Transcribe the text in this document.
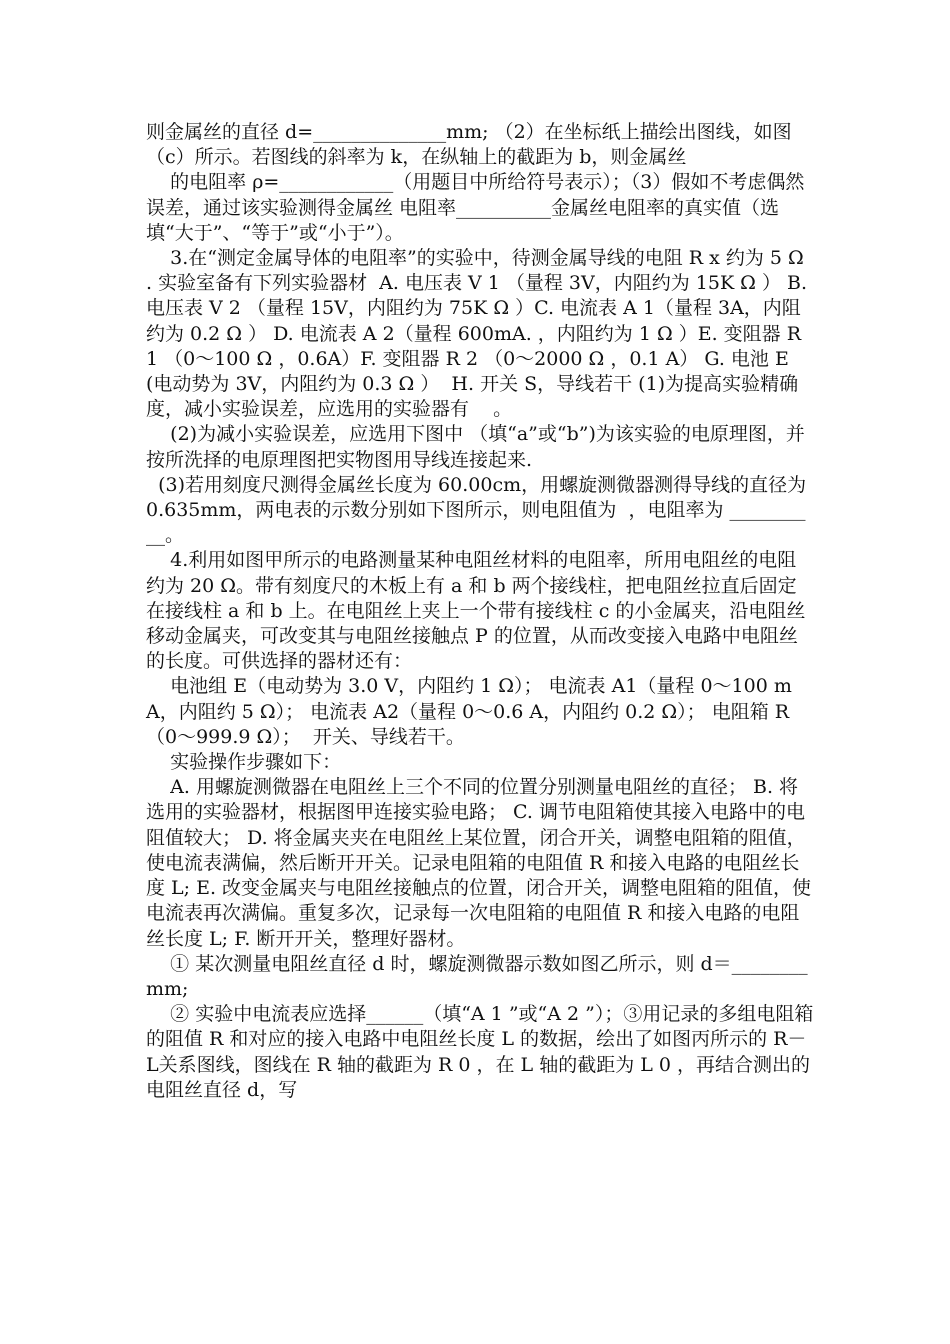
则金属丝的直径 d=______________mm; （2）在坐标纸上描绘出图线，如图（c）所示。若图线的斜率为 k，在纵轴上的截距为 b，则金属丝

的电阻率 ρ=____________（用题目中所给符号表示）；（3）假如不考虑偶然误差，通过该实验测得金属丝 电阻率__________金属丝电阻率的真实值（选填“大于”、“等于”或“小于”）。

3.在“测定金属导体的电阻率”的实验中，待测金属导线的电阻 R x 约为 5 Ω . 实验室备有下列实验器材  A. 电压表 V 1 （量程 3V，内阻约为 15K Ω ） B. 电压表 V 2 （量程 15V，内阻约为 75K Ω ）C. 电流表 A 1（量程 3A，内阻约为 0.2 Ω ） D. 电流表 A 2（量程 600mA. ，内阻约为 1 Ω ）E. 变阻器 R 1 （0～100 Ω ，0.6A）F. 变阻器 R 2 （0～2000 Ω ，0.1 A） G. 电池 E(电动势为 3V，内阻约为 0.3 Ω ）  H. 开关 S，导线若干 (1)为提高实验精确度，减小实验误差，应选用的实验器有    。

(2)为减小实验误差，应选用下图中 （填“a”或“b”)为该实验的电原理图，并按所洗择的电原理图把实物图用导线连接起来.

(3)若用刻度尺测得金属丝长度为 60.00cm，用螺旋测微器测得导线的直径为 0.635mm，两电表的示数分别如下图所示，则电阻值为  ，电阻率为 __________。

4.利用如图甲所示的电路测量某种电阻丝材料的电阻率，所用电阻丝的电阻约为 20 Ω。带有刻度尺的木板上有 a 和 b 两个接线柱，把电阻丝拉直后固定在接线柱 a 和 b 上。在电阻丝上夹上一个带有接线柱 c 的小金属夹，沿电阻丝移动金属夹，可改变其与电阻丝接触点 P 的位置，从而改变接入电路中电阻丝的长度。可供选择的器材还有：

电池组 E（电动势为 3.0 V，内阻约 1 Ω）； 电流表 A1（量程 0～100 mA，内阻约 5 Ω）； 电流表 A2（量程 0～0.6 A，内阻约 0.2 Ω）； 电阻箱 R（0～999.9 Ω）；  开关、导线若干。

实验操作步骤如下：

A. 用螺旋测微器在电阻丝上三个不同的位置分别测量电阻丝的直径； B. 将选用的实验器材，根据图甲连接实验电路； C. 调节电阻箱使其接入电路中的电阻值较大； D. 将金属夹夹在电阻丝上某位置，闭合开关，调整电阻箱的阻值，使电流表满偏，然后断开开关。记录电阻箱的电阻值 R 和接入电路的电阻丝长度 L; E. 改变金属夹与电阻丝接触点的位置，闭合开关，调整电阻箱的阻值，使电流表再次满偏。重复多次，记录每一次电阻箱的电阻值 R 和接入电路的电阻丝长度 L; F. 断开开关，整理好器材。

① 某次测量电阻丝直径 d 时，螺旋测微器示数如图乙所示，则 d＝________mm;

② 实验中电流表应选择______（填“A 1 ”或“A 2 ”）；③用记录的多组电阻箱的阻值 R 和对应的接入电路中电阻丝长度 L 的数据，绘出了如图丙所示的 R－L关系图线，图线在 R 轴的截距为 R 0 ，在 L 轴的截距为 L 0 ，再结合测出的电阻丝直径 d，写
